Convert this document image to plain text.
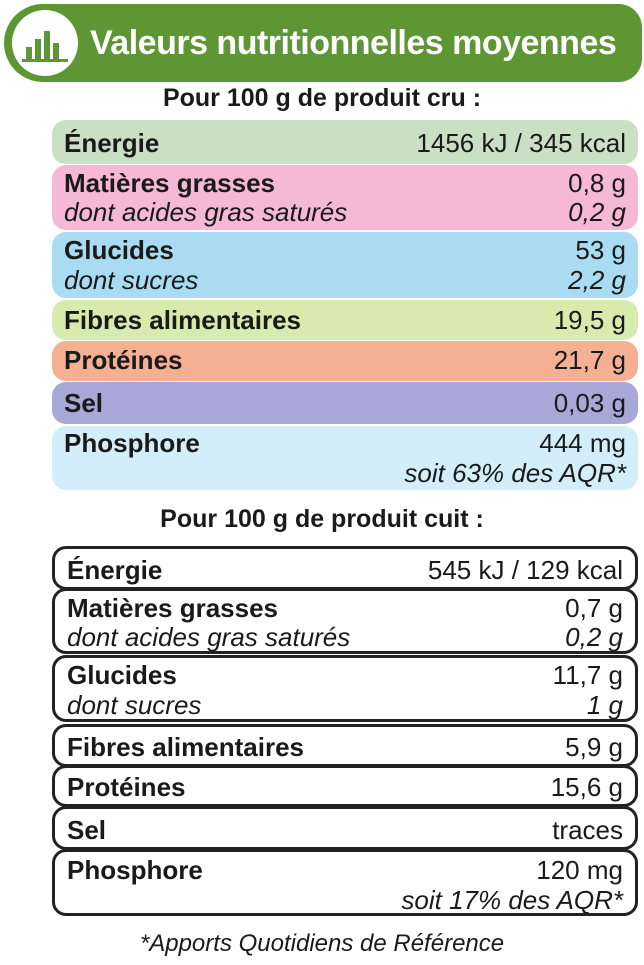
Valeurs nutritionnelles moyennes
Pour 100 g de produit cru :
Énergie	1456 kJ / 345 kcal
Matières grasses	0,8 g
dont acides gras saturés	0,2 g
Glucides	53 g
dont sucres	2,2 g
Fibres alimentaires	19,5 g
Protéines	21,7 g
Sel	0,03 g
Phosphore	444 mg
soit 63% des AQR*
Pour 100 g de produit cuit :
Énergie	545 kJ / 129 kcal
Matières grasses	0,7 g
dont acides gras saturés	0,2 g
Glucides	11,7 g
dont sucres	1 g
Fibres alimentaires	5,9 g
Protéines	15,6 g
Sel	traces
Phosphore	120 mg
soit 17% des AQR*
*Apports Quotidiens de Référence
